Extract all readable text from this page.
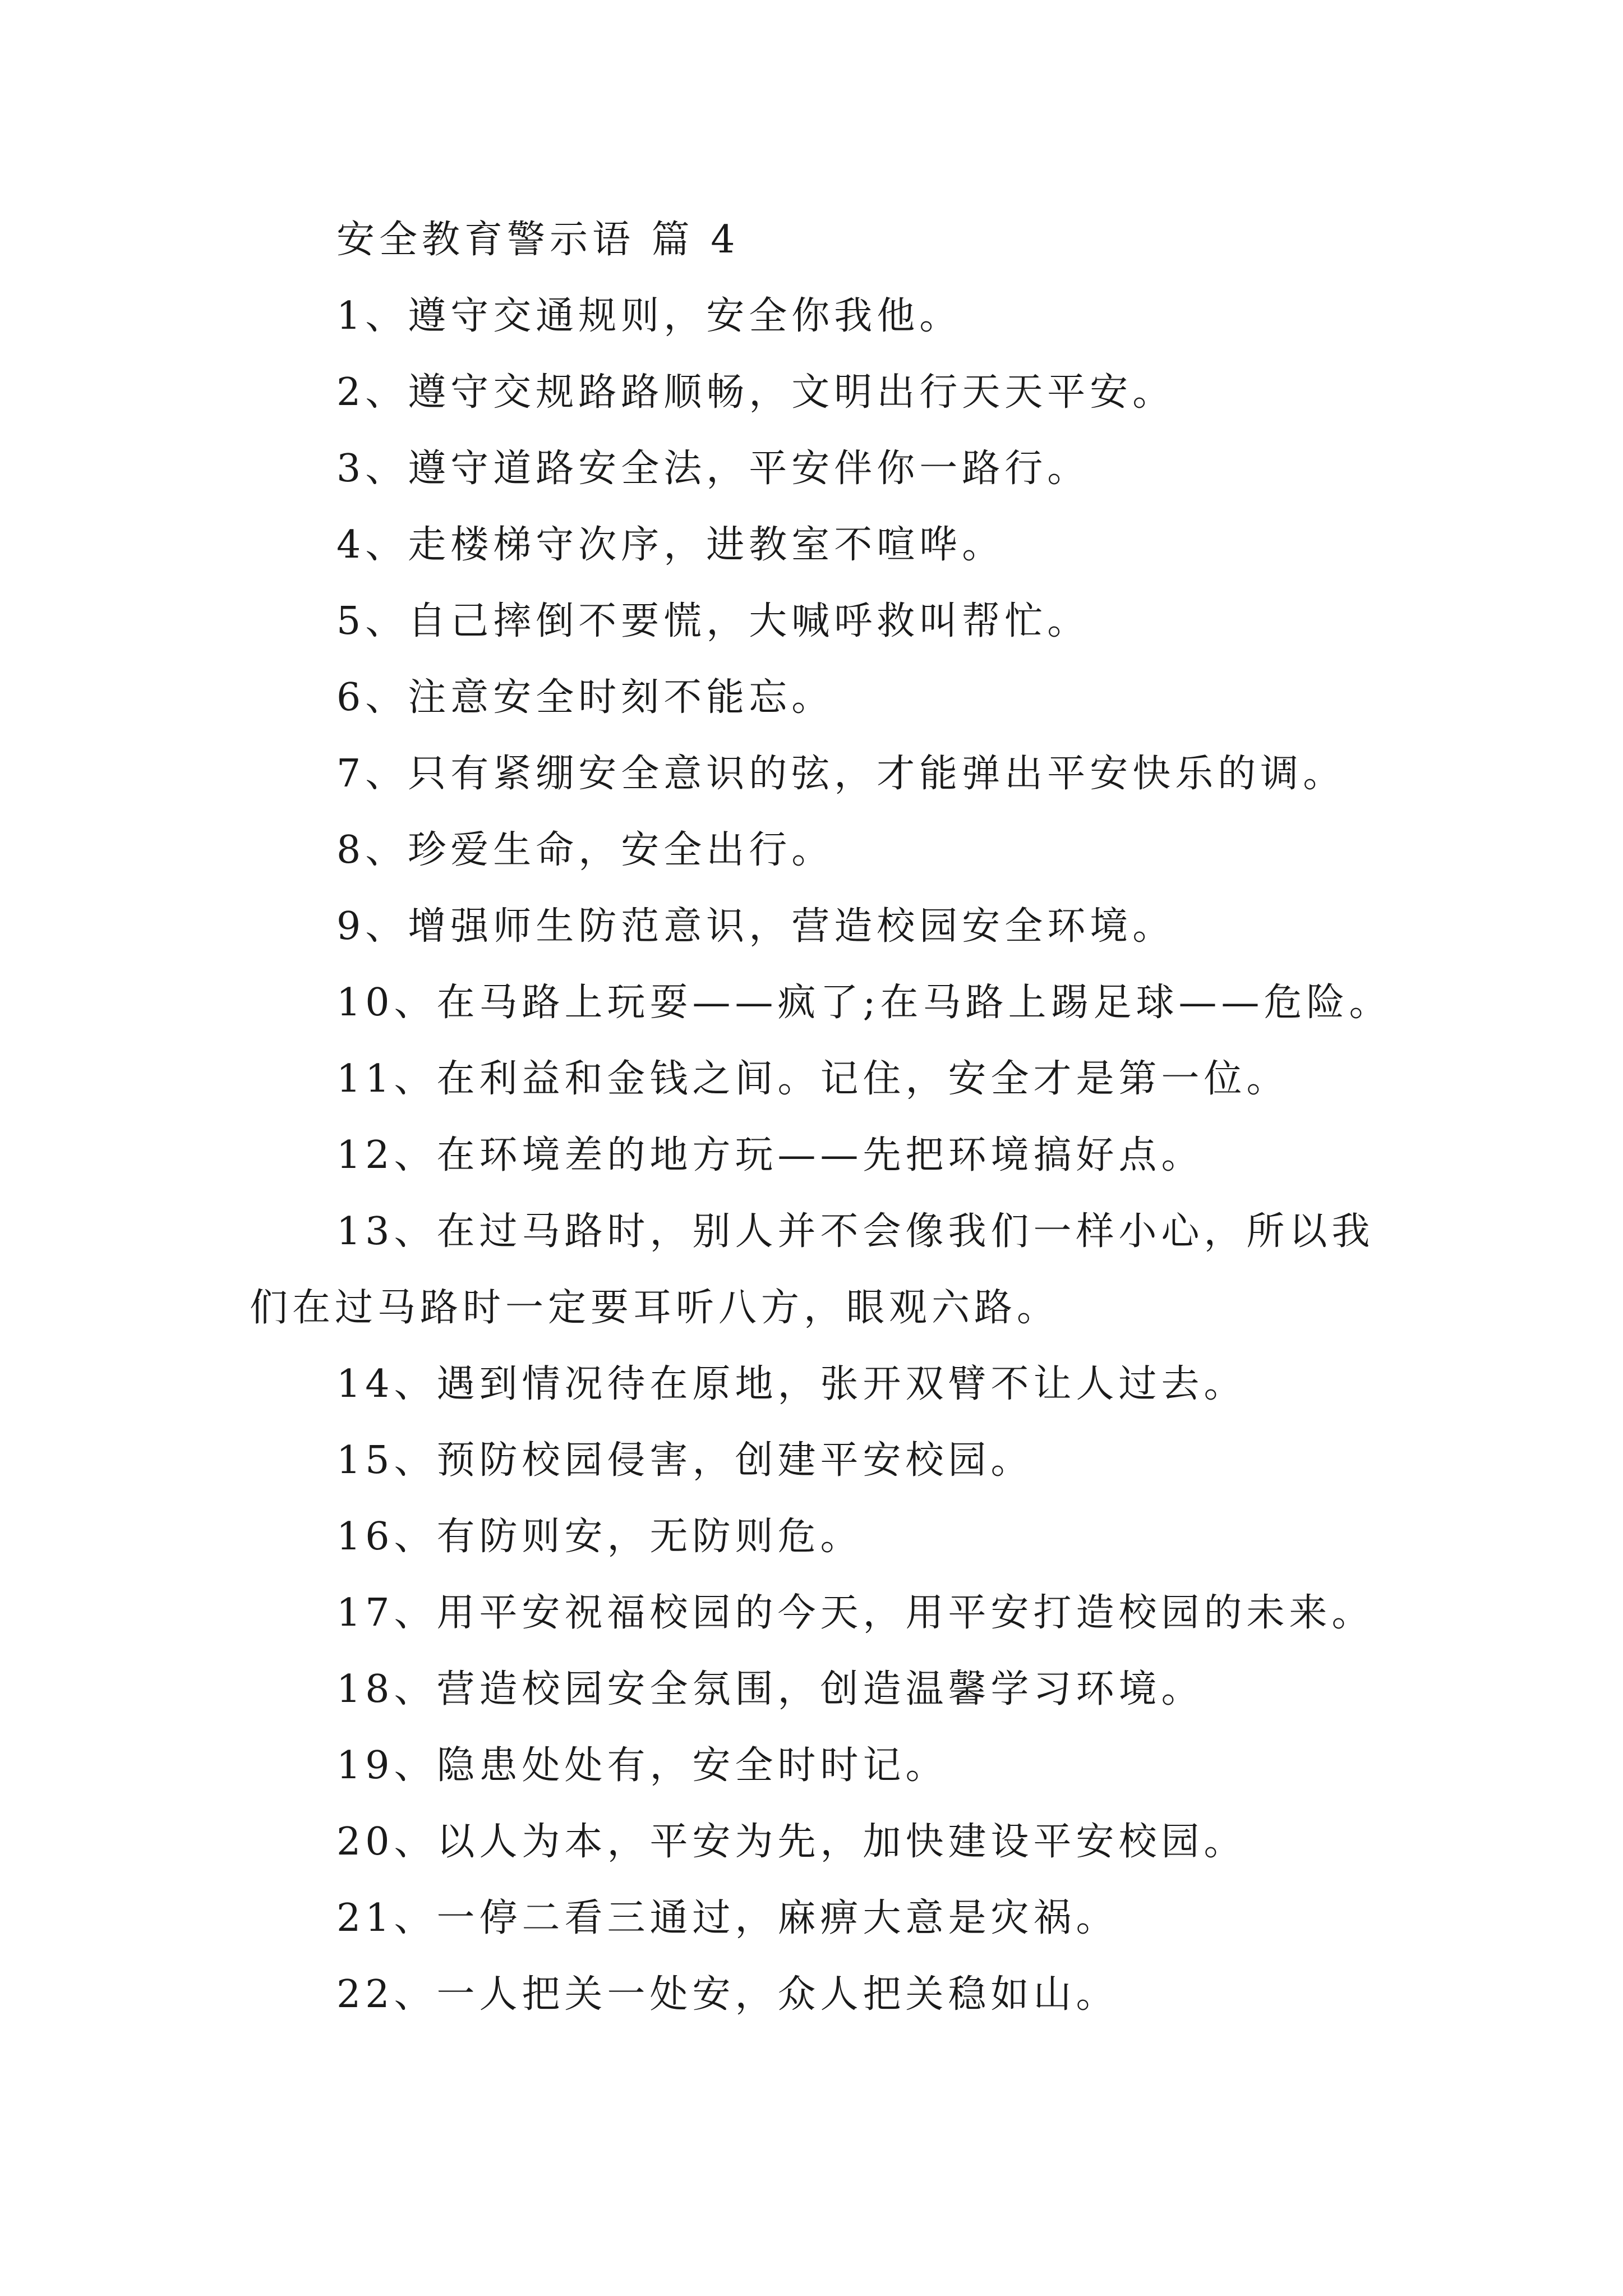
安全教育警示语 篇 4
1、遵守交通规则，安全你我他。
2、遵守交规路路顺畅，文明出行天天平安。
3、遵守道路安全法，平安伴你一路行。
4、走楼梯守次序，进教室不喧哗。
5、自己摔倒不要慌，大喊呼救叫帮忙。
6、注意安全时刻不能忘。
7、只有紧绷安全意识的弦，才能弹出平安快乐的调。
8、珍爱生命，安全出行。
9、增强师生防范意识，营造校园安全环境。
10、在马路上玩耍——疯了;在马路上踢足球——危险。
11、在利益和金钱之间。记住，安全才是第一位。
12、在环境差的地方玩——先把环境搞好点。
13、在过马路时，别人并不会像我们一样小心，所以我
们在过马路时一定要耳听八方，眼观六路。
14、遇到情况待在原地，张开双臂不让人过去。
15、预防校园侵害，创建平安校园。
16、有防则安，无防则危。
17、用平安祝福校园的今天，用平安打造校园的未来。
18、营造校园安全氛围，创造温馨学习环境。
19、隐患处处有，安全时时记。
20、以人为本，平安为先，加快建设平安校园。
21、一停二看三通过，麻痹大意是灾祸。
22、一人把关一处安，众人把关稳如山。
